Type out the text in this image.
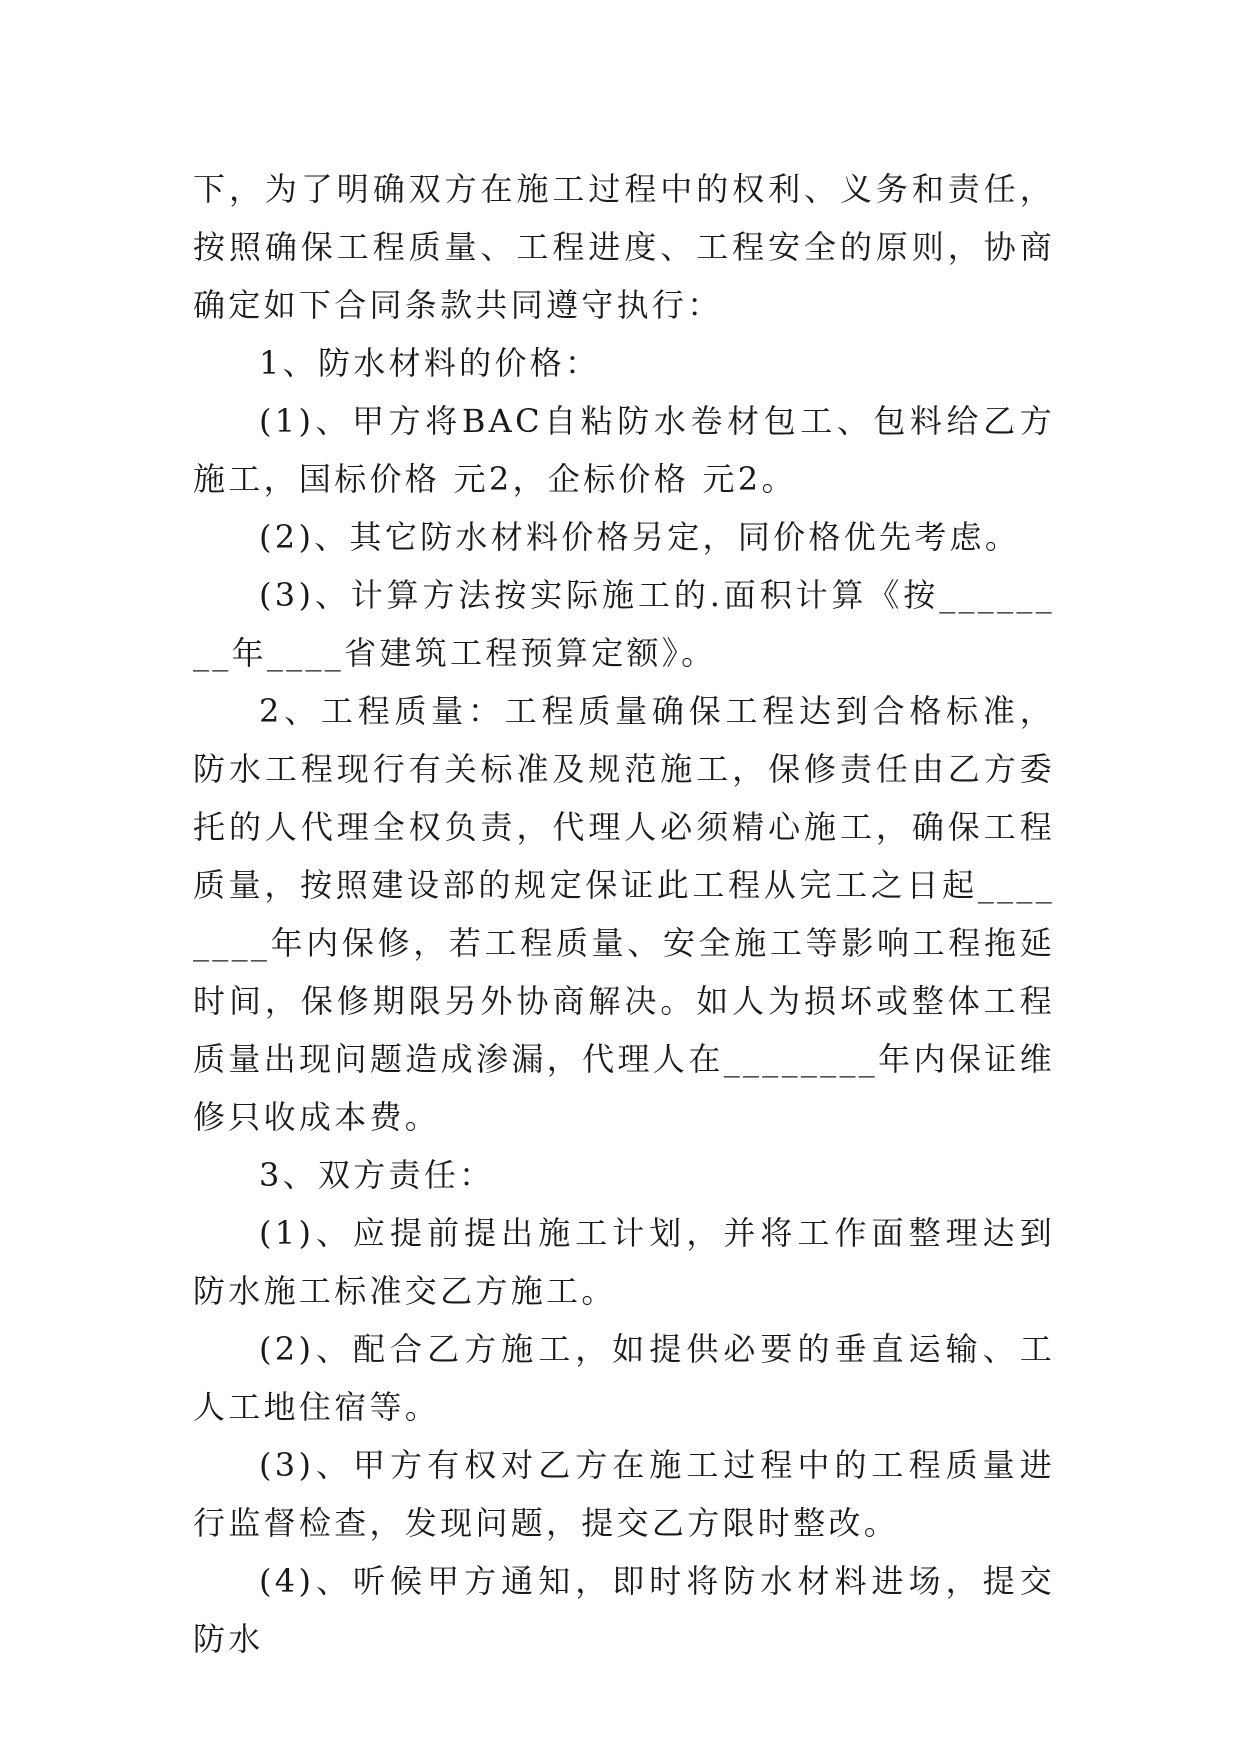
下，为了明确双方在施工过程中的权利、义务和责任，按照确保工程质量、工程进度、工程安全的原则，协商确定如下合同条款共同遵守执行：

1、防水材料的价格：

(1)、甲方将BAC自粘防水卷材包工、包料给乙方施工，国标价格 元2，企标价格 元2。

(2)、其它防水材料价格另定，同价格优先考虑。

(3)、计算方法按实际施工的.面积计算《按________年____省建筑工程预算定额》。

2、工程质量：工程质量确保工程达到合格标准，防水工程现行有关标准及规范施工，保修责任由乙方委托的人代理全权负责，代理人必须精心施工，确保工程质量，按照建设部的规定保证此工程从完工之日起________年内保修，若工程质量、安全施工等影响工程拖延时间，保修期限另外协商解决。如人为损坏或整体工程质量出现问题造成渗漏，代理人在________年内保证维修只收成本费。

3、双方责任：

(1)、应提前提出施工计划，并将工作面整理达到防水施工标准交乙方施工。

(2)、配合乙方施工，如提供必要的垂直运输、工人工地住宿等。

(3)、甲方有权对乙方在施工过程中的工程质量进行监督检查，发现问题，提交乙方限时整改。

(4)、听候甲方通知，即时将防水材料进场，提交防水
